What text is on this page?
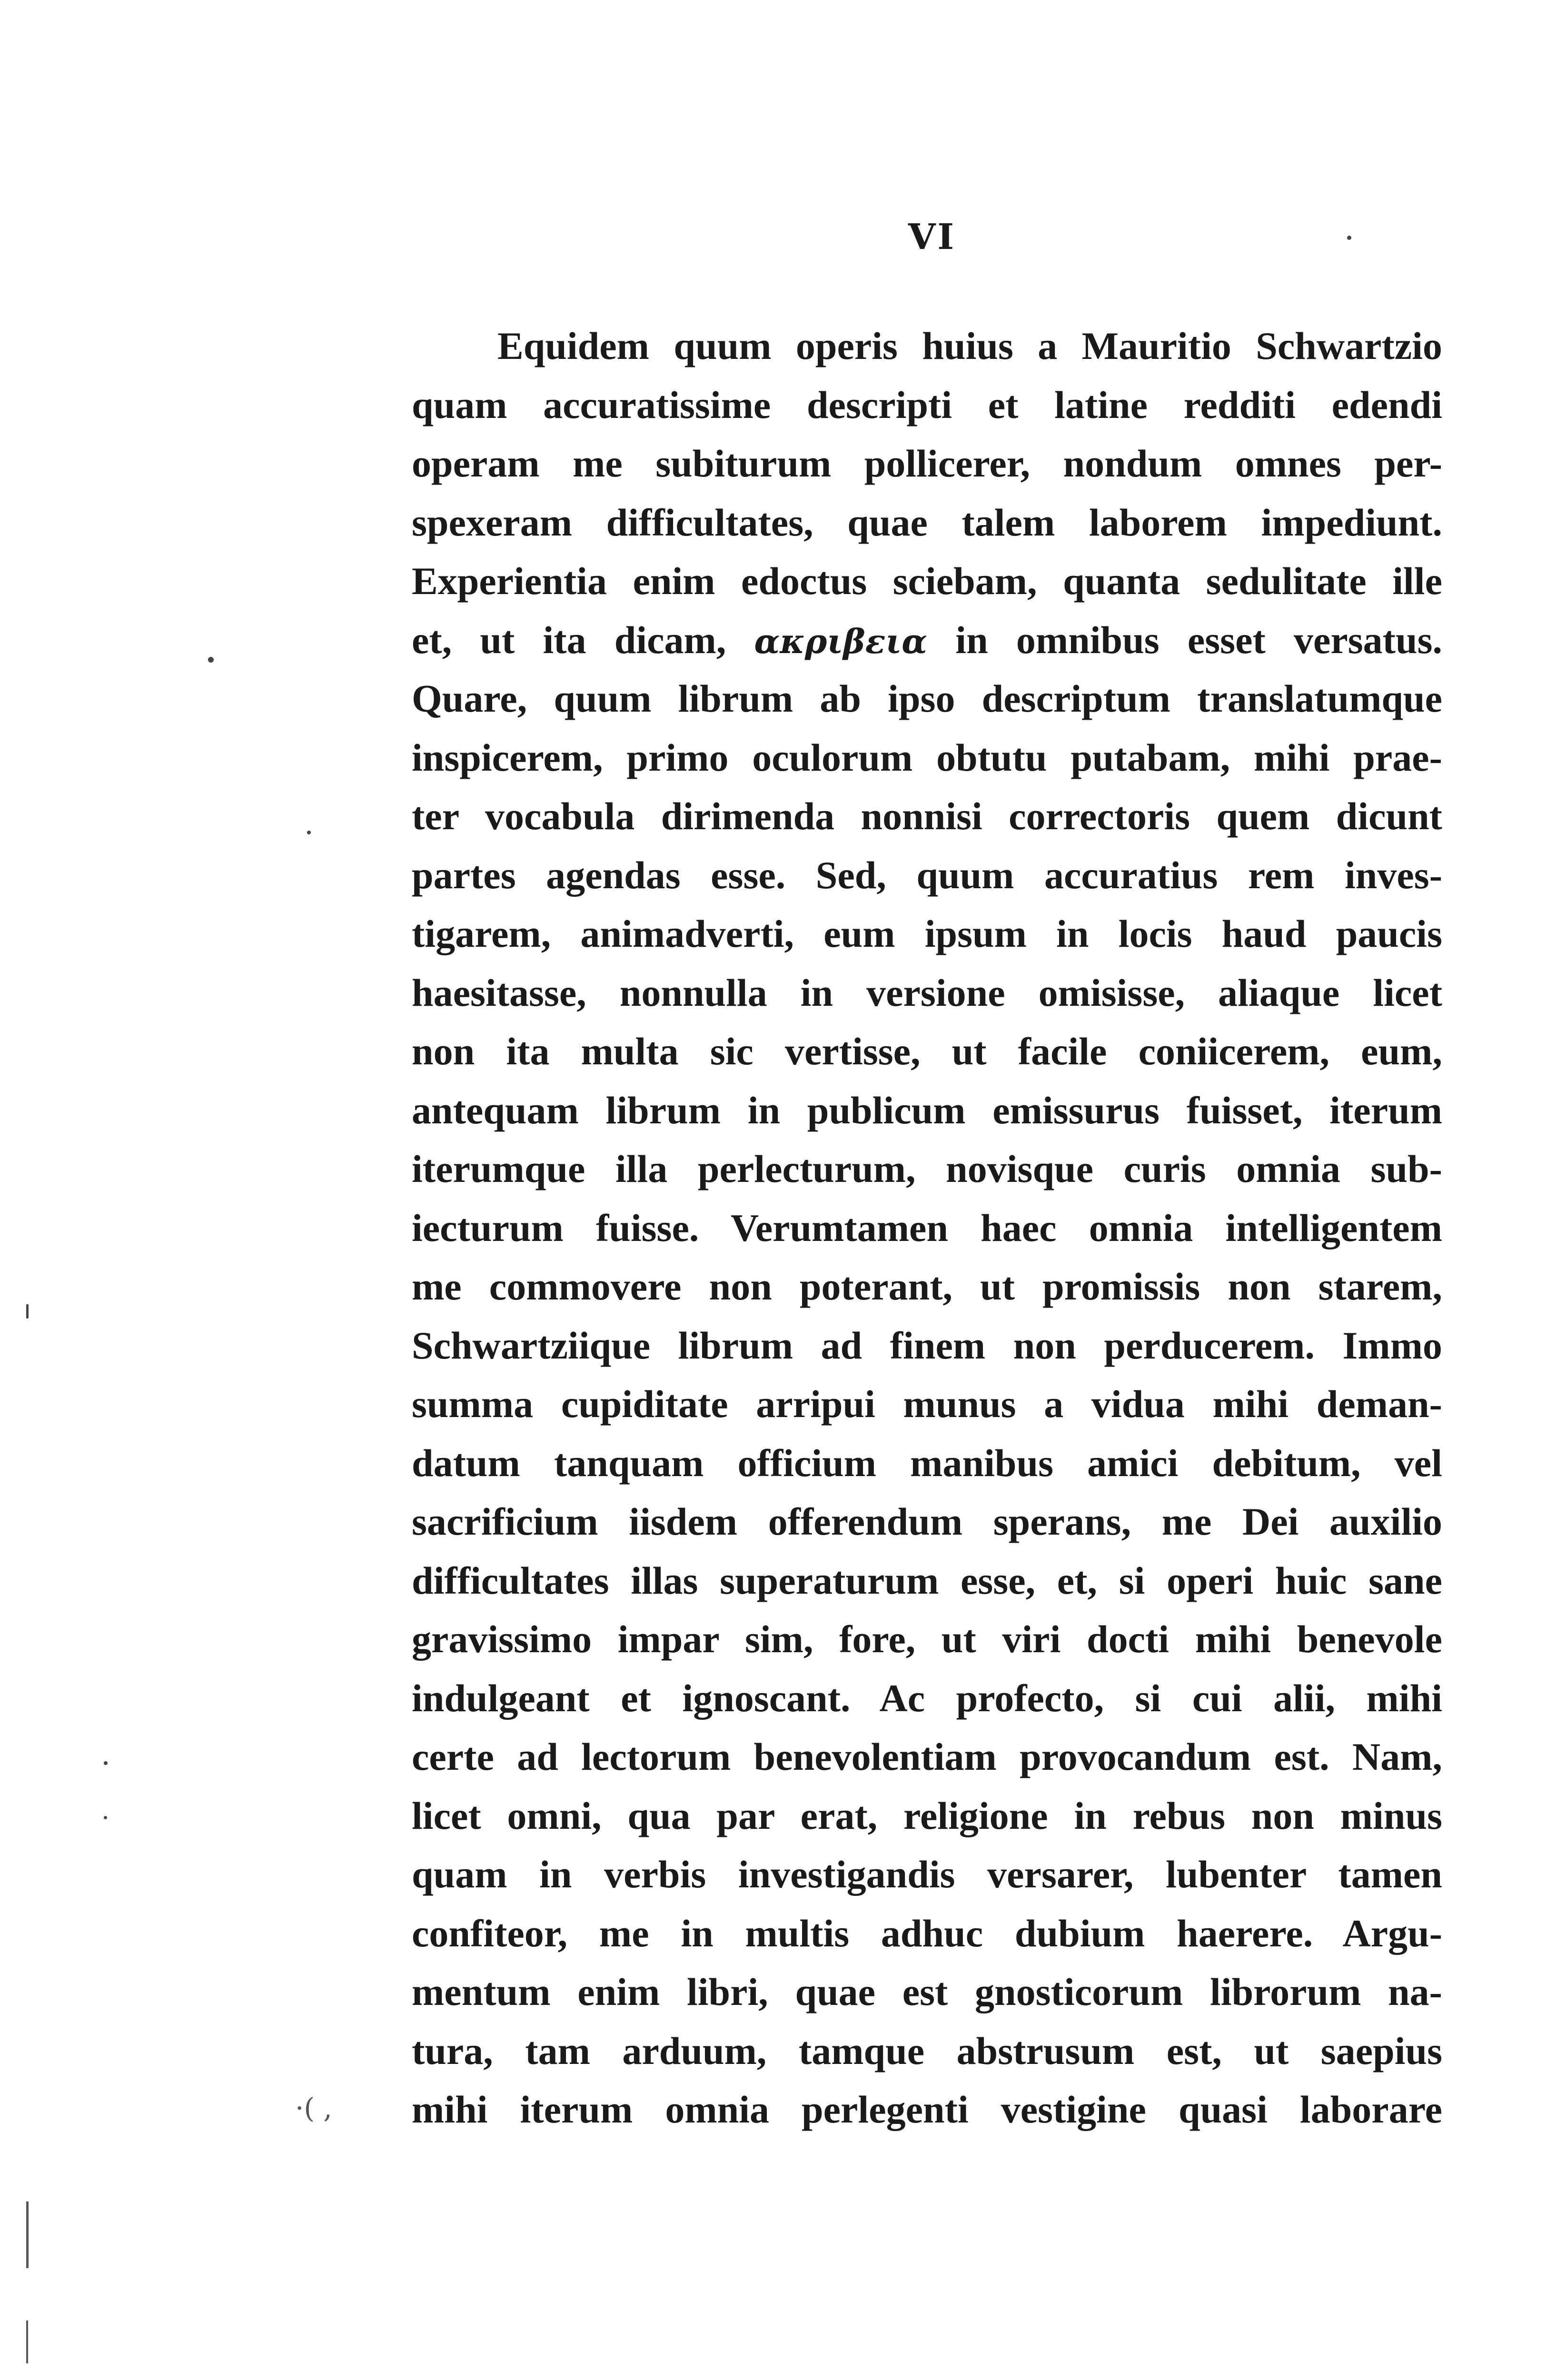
VI
Equidem quum operis huius a Mauritio Schwartzio
quam accuratissime descripti et latine redditi edendi
operam me subiturum pollicerer, nondum omnes per-
spexeram difficultates, quae talem laborem impediunt.
Experientia enim edoctus sciebam, quanta sedulitate ille
et, ut ita dicam, ακριβεια in omnibus esset versatus.
Quare, quum librum ab ipso descriptum translatumque
inspicerem, primo oculorum obtutu putabam, mihi prae-
ter vocabula dirimenda nonnisi correctoris quem dicunt
partes agendas esse. Sed, quum accuratius rem inves-
tigarem, animadverti, eum ipsum in locis haud paucis
haesitasse, nonnulla in versione omisisse, aliaque licet
non ita multa sic vertisse, ut facile coniicerem, eum,
antequam librum in publicum emissurus fuisset, iterum
iterumque illa perlecturum, novisque curis omnia sub-
iecturum fuisse. Verumtamen haec omnia intelligentem
me commovere non poterant, ut promissis non starem,
Schwartziique librum ad finem non perducerem. Immo
summa cupiditate arripui munus a vidua mihi deman-
datum tanquam officium manibus amici debitum, vel
sacrificium iisdem offerendum sperans, me Dei auxilio
difficultates illas superaturum esse, et, si operi huic sane
gravissimo impar sim, fore, ut viri docti mihi benevole
indulgeant et ignoscant. Ac profecto, si cui alii, mihi
certe ad lectorum benevolentiam provocandum est. Nam,
licet omni, qua par erat, religione in rebus non minus
quam in verbis investigandis versarer, lubenter tamen
confiteor, me in multis adhuc dubium haerere. Argu-
mentum enim libri, quae est gnosticorum librorum na-
tura, tam arduum, tamque abstrusum est, ut saepius
mihi iterum omnia perlegenti vestigine quasi laborare
·( ,
